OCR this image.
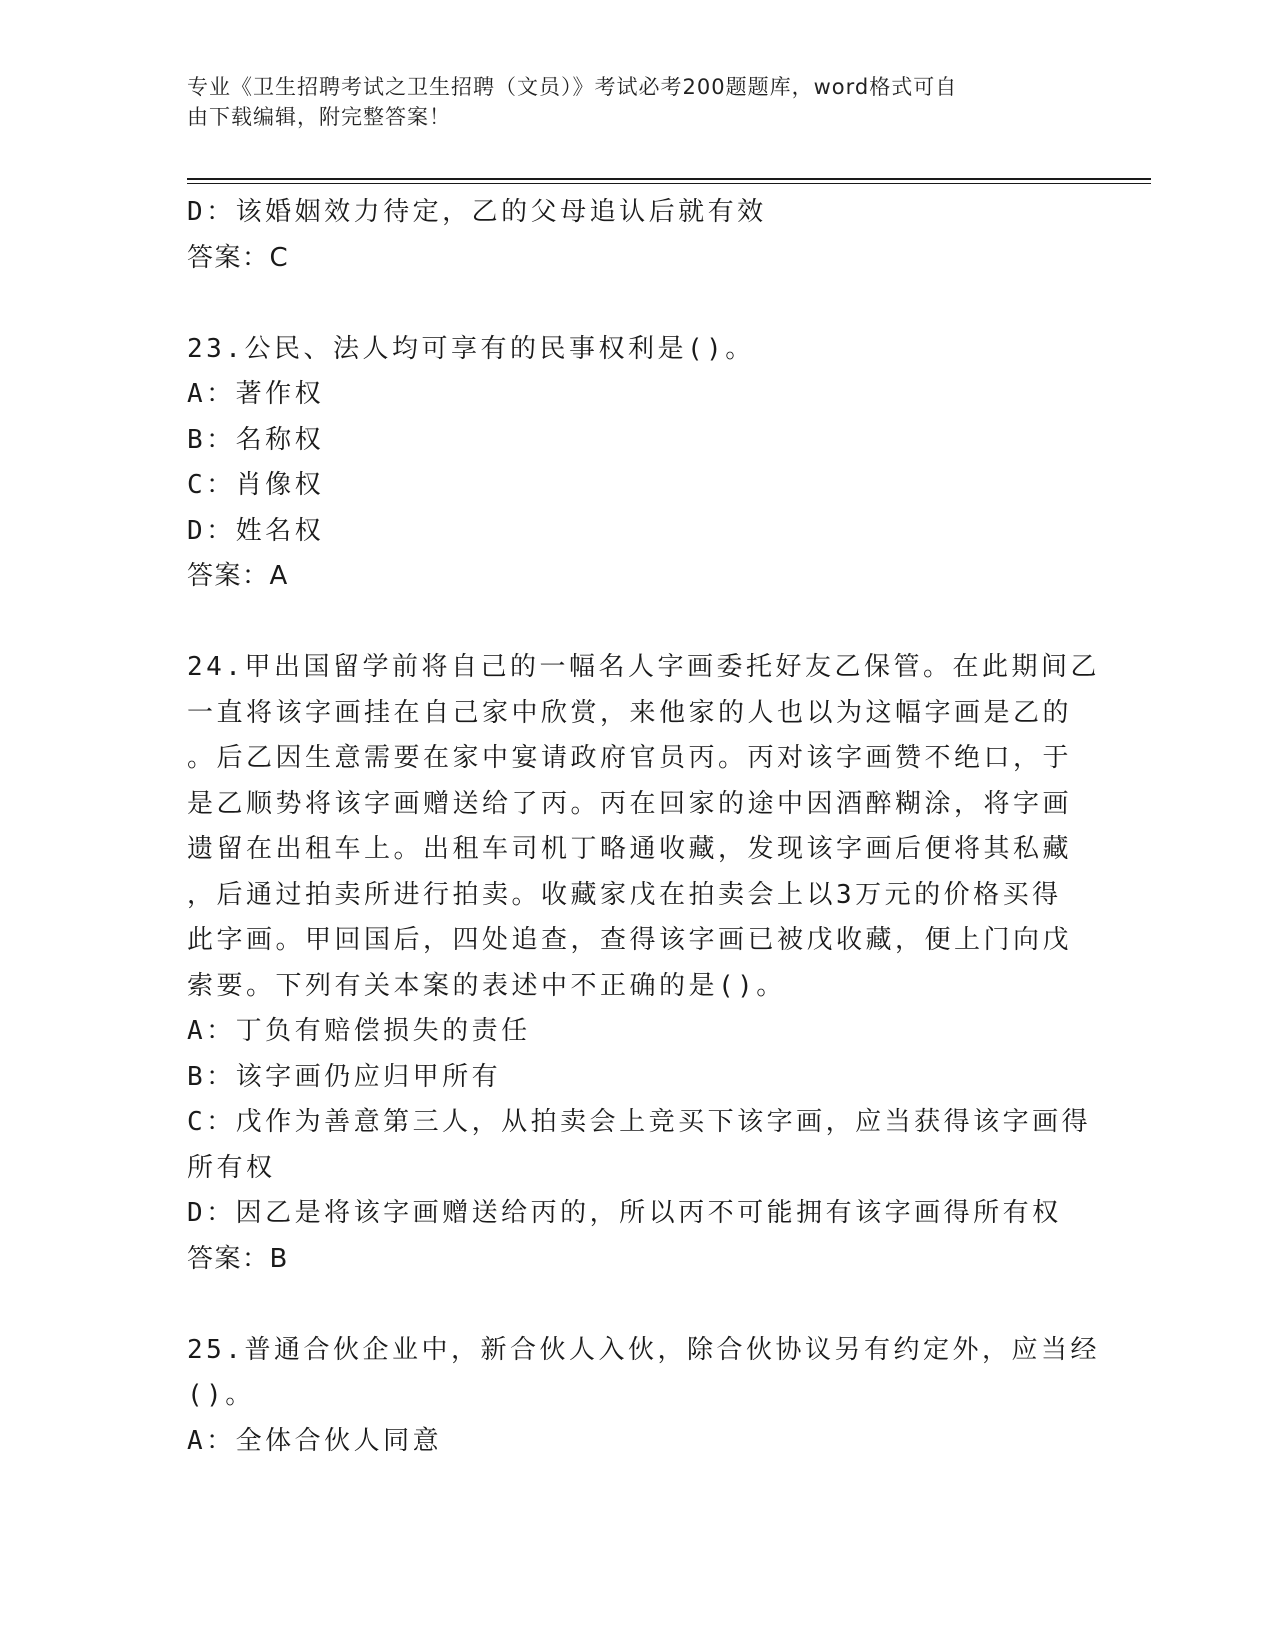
专业《卫生招聘考试之卫生招聘（文员）》考试必考200题题库，word格式可自
由下载编辑，附完整答案！
D：该婚姻效力待定，乙的父母追认后就有效
答案：C
23.公民、法人均可享有的民事权利是()。
A：著作权
B：名称权
C：肖像权
D：姓名权
答案：A
24.甲出国留学前将自己的一幅名人字画委托好友乙保管。在此期间乙
一直将该字画挂在自己家中欣赏，来他家的人也以为这幅字画是乙的
。后乙因生意需要在家中宴请政府官员丙。丙对该字画赞不绝口，于
是乙顺势将该字画赠送给了丙。丙在回家的途中因酒醉糊涂，将字画
遗留在出租车上。出租车司机丁略通收藏，发现该字画后便将其私藏
，后通过拍卖所进行拍卖。收藏家戊在拍卖会上以3万元的价格买得
此字画。甲回国后，四处追查，查得该字画已被戊收藏，便上门向戊
索要。下列有关本案的表述中不正确的是()。
A：丁负有赔偿损失的责任
B：该字画仍应归甲所有
C：戊作为善意第三人，从拍卖会上竞买下该字画，应当获得该字画得
所有权
D：因乙是将该字画赠送给丙的，所以丙不可能拥有该字画得所有权
答案：B
25.普通合伙企业中，新合伙人入伙，除合伙协议另有约定外，应当经
()。
A：全体合伙人同意
